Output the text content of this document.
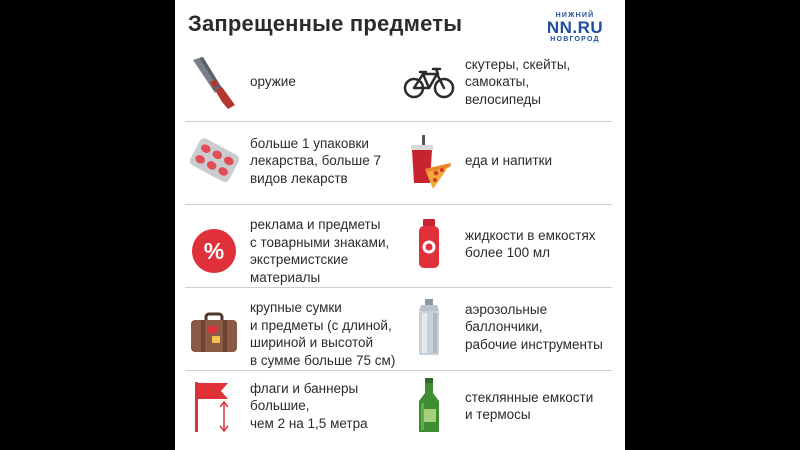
Запрещенные предметы	НИЖНИЙ
NN.RU
НОВГОРОД
оружие
скутеры, скейты,
самокаты,
велосипеды
больше 1 упаковки
лекарства, больше 7
видов лекарств
еда и напитки
%
реклама и предметы
с товарными знаками,
экстремистские
материалы
жидкости в емкостях
более 100 мл
крупные сумки
и предметы (с длиной,
шириной и высотой
в сумме больше 75 см)
аэрозольные
баллончики,
рабочие инструменты
флаги и баннеры
большие,
чем 2 на 1,5 метра
стеклянные емкости
и термосы
